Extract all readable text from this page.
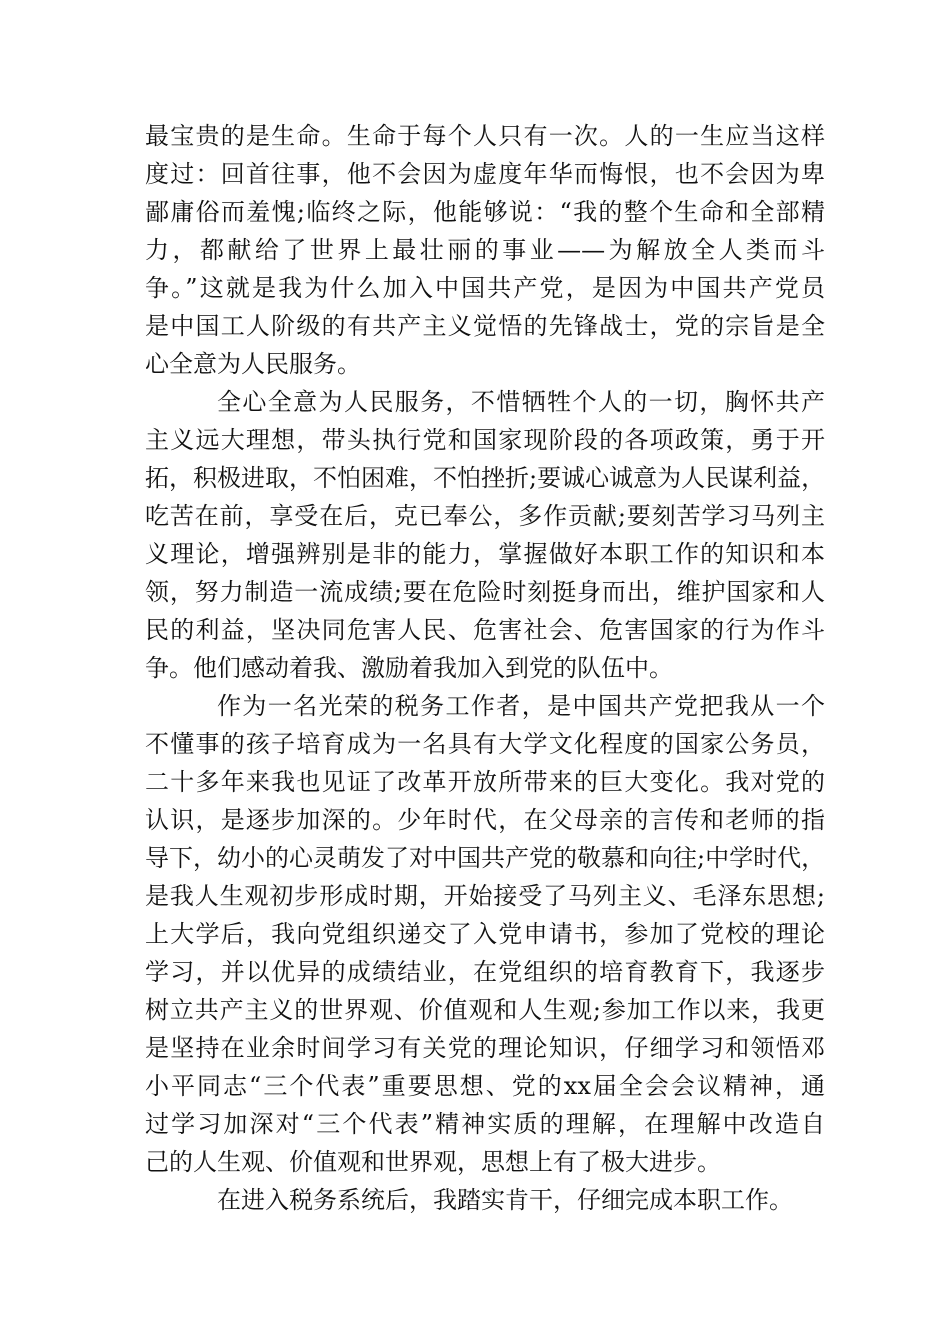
最宝贵的是生命。生命于每个人只有一次。人的一生应当这样
度过：回首往事，他不会因为虚度年华而悔恨，也不会因为卑
鄙庸俗而羞愧;临终之际，他能够说：“我的整个生命和全部精
力，都献给了世界上最壮丽的事业——为解放全人类而斗
争。”这就是我为什么加入中国共产党，是因为中国共产党员
是中国工人阶级的有共产主义觉悟的先锋战士，党的宗旨是全
心全意为人民服务。
全心全意为人民服务，不惜牺牲个人的一切，胸怀共产
主义远大理想，带头执行党和国家现阶段的各项政策，勇于开
拓，积极进取，不怕困难，不怕挫折;要诚心诚意为人民谋利益，
吃苦在前，享受在后，克已奉公，多作贡献;要刻苦学习马列主
义理论，增强辨别是非的能力，掌握做好本职工作的知识和本
领，努力制造一流成绩;要在危险时刻挺身而出，维护国家和人
民的利益，坚决同危害人民、危害社会、危害国家的行为作斗
争。他们感动着我、激励着我加入到党的队伍中。
作为一名光荣的税务工作者，是中国共产党把我从一个
不懂事的孩子培育成为一名具有大学文化程度的国家公务员，
二十多年来我也见证了改革开放所带来的巨大变化。我对党的
认识，是逐步加深的。少年时代，在父母亲的言传和老师的指
导下，幼小的心灵萌发了对中国共产党的敬慕和向往;中学时代，
是我人生观初步形成时期，开始接受了马列主义、毛泽东思想;
上大学后，我向党组织递交了入党申请书，参加了党校的理论
学习，并以优异的成绩结业，在党组织的培育教育下，我逐步
树立共产主义的世界观、价值观和人生观;参加工作以来，我更
是坚持在业余时间学习有关党的理论知识，仔细学习和领悟邓
小平同志“三个代表”重要思想、党的xx届全会会议精神，通
过学习加深对“三个代表”精神实质的理解，在理解中改造自
己的人生观、价值观和世界观，思想上有了极大进步。
在进入税务系统后，我踏实肯干，仔细完成本职工作。
